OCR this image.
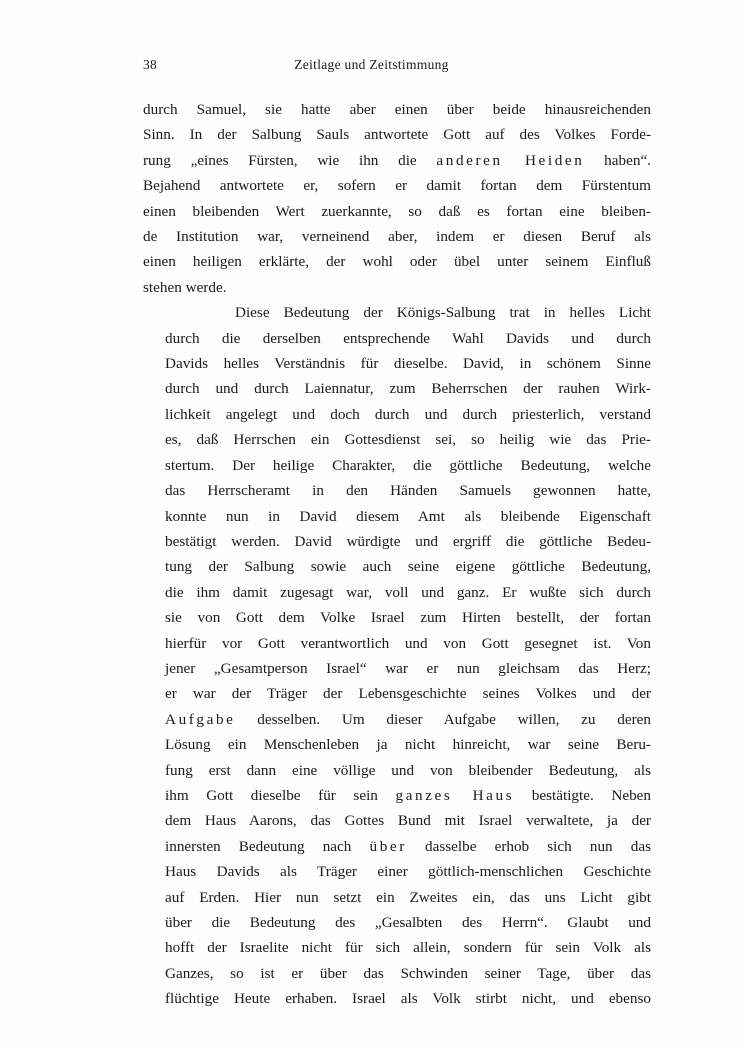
38	Zeitlage und Zeitstimmung

durch Samuel, sie hatte aber einen über beide hinausreichenden
Sinn. In der Salbung Sauls antwortete Gott auf des Volkes Forde-
rung „eines Fürsten, wie ihn die anderen Heiden haben“.
Bejahend antwortete er, sofern er damit fortan dem Fürstentum
einen bleibenden Wert zuerkannte, so daß es fortan eine bleiben-
de Institution war, verneinend aber, indem er diesen Beruf als
einen heiligen erklärte, der wohl oder übel unter seinem Einfluß
stehen werde.

Diese Bedeutung der Königs-Salbung trat in helles Licht
durch die derselben entsprechende Wahl Davids und durch
Davids helles Verständnis für dieselbe. David, in schönem Sinne
durch und durch Laiennatur, zum Beherrschen der rauhen Wirk-
lichkeit angelegt und doch durch und durch priesterlich, verstand
es, daß Herrschen ein Gottesdienst sei, so heilig wie das Prie-
stertum. Der heilige Charakter, die göttliche Bedeutung, welche
das Herrscheramt in den Händen Samuels gewonnen hatte,
konnte nun in David diesem Amt als bleibende Eigenschaft
bestätigt werden. David würdigte und ergriff die göttliche Bedeu-
tung der Salbung sowie auch seine eigene göttliche Bedeutung,
die ihm damit zugesagt war, voll und ganz. Er wußte sich durch
sie von Gott dem Volke Israel zum Hirten bestellt, der fortan
hierfür vor Gott verantwortlich und von Gott gesegnet ist. Von
jener „Gesamtperson Israel“ war er nun gleichsam das Herz;
er war der Träger der Lebensgeschichte seines Volkes und der
Aufgabe desselben. Um dieser Aufgabe willen, zu deren
Lösung ein Menschenleben ja nicht hinreicht, war seine Beru-
fung erst dann eine völlige und von bleibender Bedeutung, als
ihm Gott dieselbe für sein ganzes Haus bestätigte. Neben
dem Haus Aarons, das Gottes Bund mit Israel verwaltete, ja der
innersten Bedeutung nach über dasselbe erhob sich nun das
Haus Davids als Träger einer göttlich-menschlichen Geschichte
auf Erden. Hier nun setzt ein Zweites ein, das uns Licht gibt
über die Bedeutung des „Gesalbten des Herrn“. Glaubt und
hofft der Israelite nicht für sich allein, sondern für sein Volk als
Ganzes, so ist er über das Schwinden seiner Tage, über das
flüchtige Heute erhaben. Israel als Volk stirbt nicht, und ebenso
